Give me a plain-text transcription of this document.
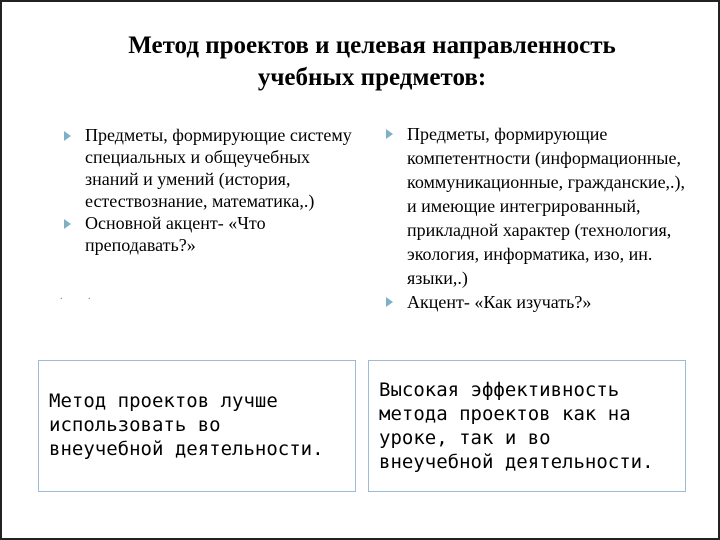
Метод проектов и целевая направленность
учебных предметов:
Предметы, формирующие систему специальных и общеучебных знаний и умений (история, естествознание, математика,.)
Основной акцент- «Что преподавать?»
.	.
Предметы, формирующие компетентности (информационные, коммуникационные, гражданские,.), и имеющие интегрированный, прикладной характер (технология, экология, информатика, изо, ин. языки,.)
Акцент- «Как изучать?»
Метод проектов лучше использовать во внеучебной деятельности.
Высокая эффективность метода проектов как на уроке, так и во внеучебной деятельности.
